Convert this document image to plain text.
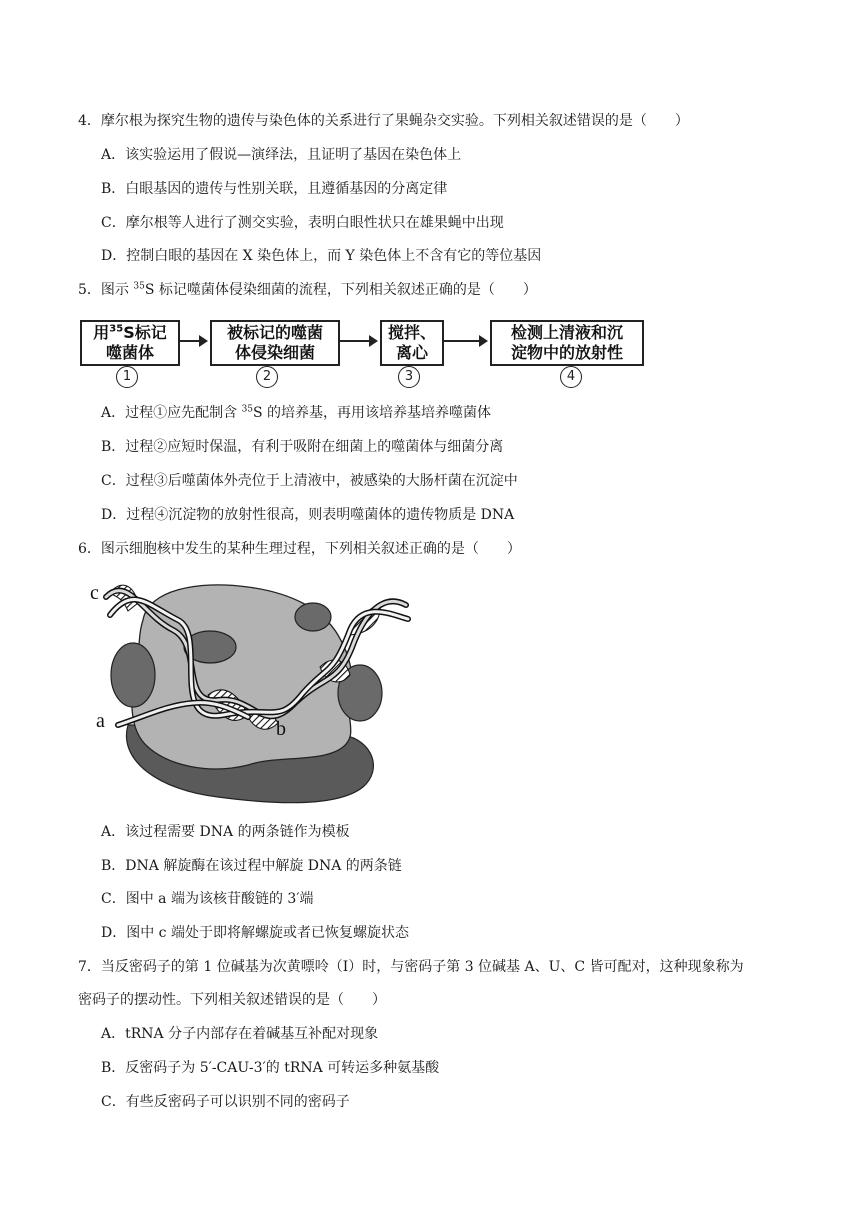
4．摩尔根为探究生物的遗传与染色体的关系进行了果蝇杂交实验。下列相关叙述错误的是（　　）
A．该实验运用了假说—演绎法，且证明了基因在染色体上
B．白眼基因的遗传与性别关联，且遵循基因的分离定律
C．摩尔根等人进行了测交实验，表明白眼性状只在雄果蝇中出现
D．控制白眼的基因在 X 染色体上，而 Y 染色体上不含有它的等位基因
5．图示 $^{35}$S 标记噬菌体侵染细菌的流程，下列相关叙述正确的是（　　）
用$^{35}$S标记
噬菌体
被标记的噬菌
体侵染细菌
搅拌、
离心
检测上清液和沉
淀物中的放射性
1	2	3	4
A．过程①应先配制含 $^{35}$S 的培养基，再用该培养基培养噬菌体
B．过程②应短时保温，有利于吸附在细菌上的噬菌体与细菌分离
C．过程③后噬菌体外壳位于上清液中，被感染的大肠杆菌在沉淀中
D．过程④沉淀物的放射性很高，则表明噬菌体的遗传物质是 DNA
6．图示细胞核中发生的某种生理过程，下列相关叙述正确的是（　　）
c
a	b
A．该过程需要 DNA 的两条链作为模板
B．DNA 解旋酶在该过程中解旋 DNA 的两条链
C．图中 a 端为该核苷酸链的 3′端
D．图中 c 端处于即将解螺旋或者已恢复螺旋状态
7．当反密码子的第 1 位碱基为次黄嘌呤（I）时，与密码子第 3 位碱基 A、U、C 皆可配对，这种现象称为
密码子的摆动性。下列相关叙述错误的是（　　）
A．tRNA 分子内部存在着碱基互补配对现象
B．反密码子为 5′-CAU-3′的 tRNA 可转运多种氨基酸
C．有些反密码子可以识别不同的密码子
